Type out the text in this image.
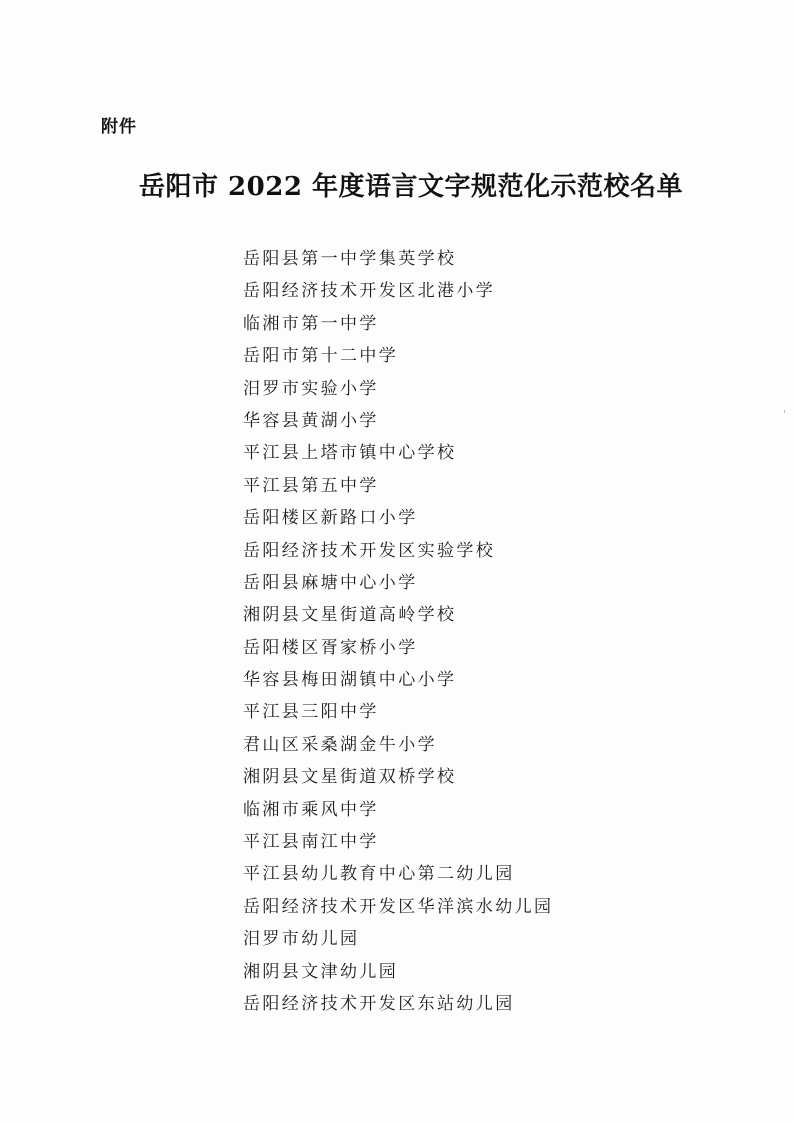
附件
岳阳市 2022 年度语言文字规范化示范校名单
岳阳县第一中学集英学校
岳阳经济技术开发区北港小学
临湘市第一中学
岳阳市第十二中学
汨罗市实验小学
华容县黄湖小学
平江县上塔市镇中心学校
平江县第五中学
岳阳楼区新路口小学
岳阳经济技术开发区实验学校
岳阳县麻塘中心小学
湘阴县文星街道高岭学校
岳阳楼区胥家桥小学
华容县梅田湖镇中心小学
平江县三阳中学
君山区采桑湖金牛小学
湘阴县文星街道双桥学校
临湘市乘风中学
平江县南江中学
平江县幼儿教育中心第二幼儿园
岳阳经济技术开发区华洋滨水幼儿园
汨罗市幼儿园
湘阴县文津幼儿园
岳阳经济技术开发区东站幼儿园
